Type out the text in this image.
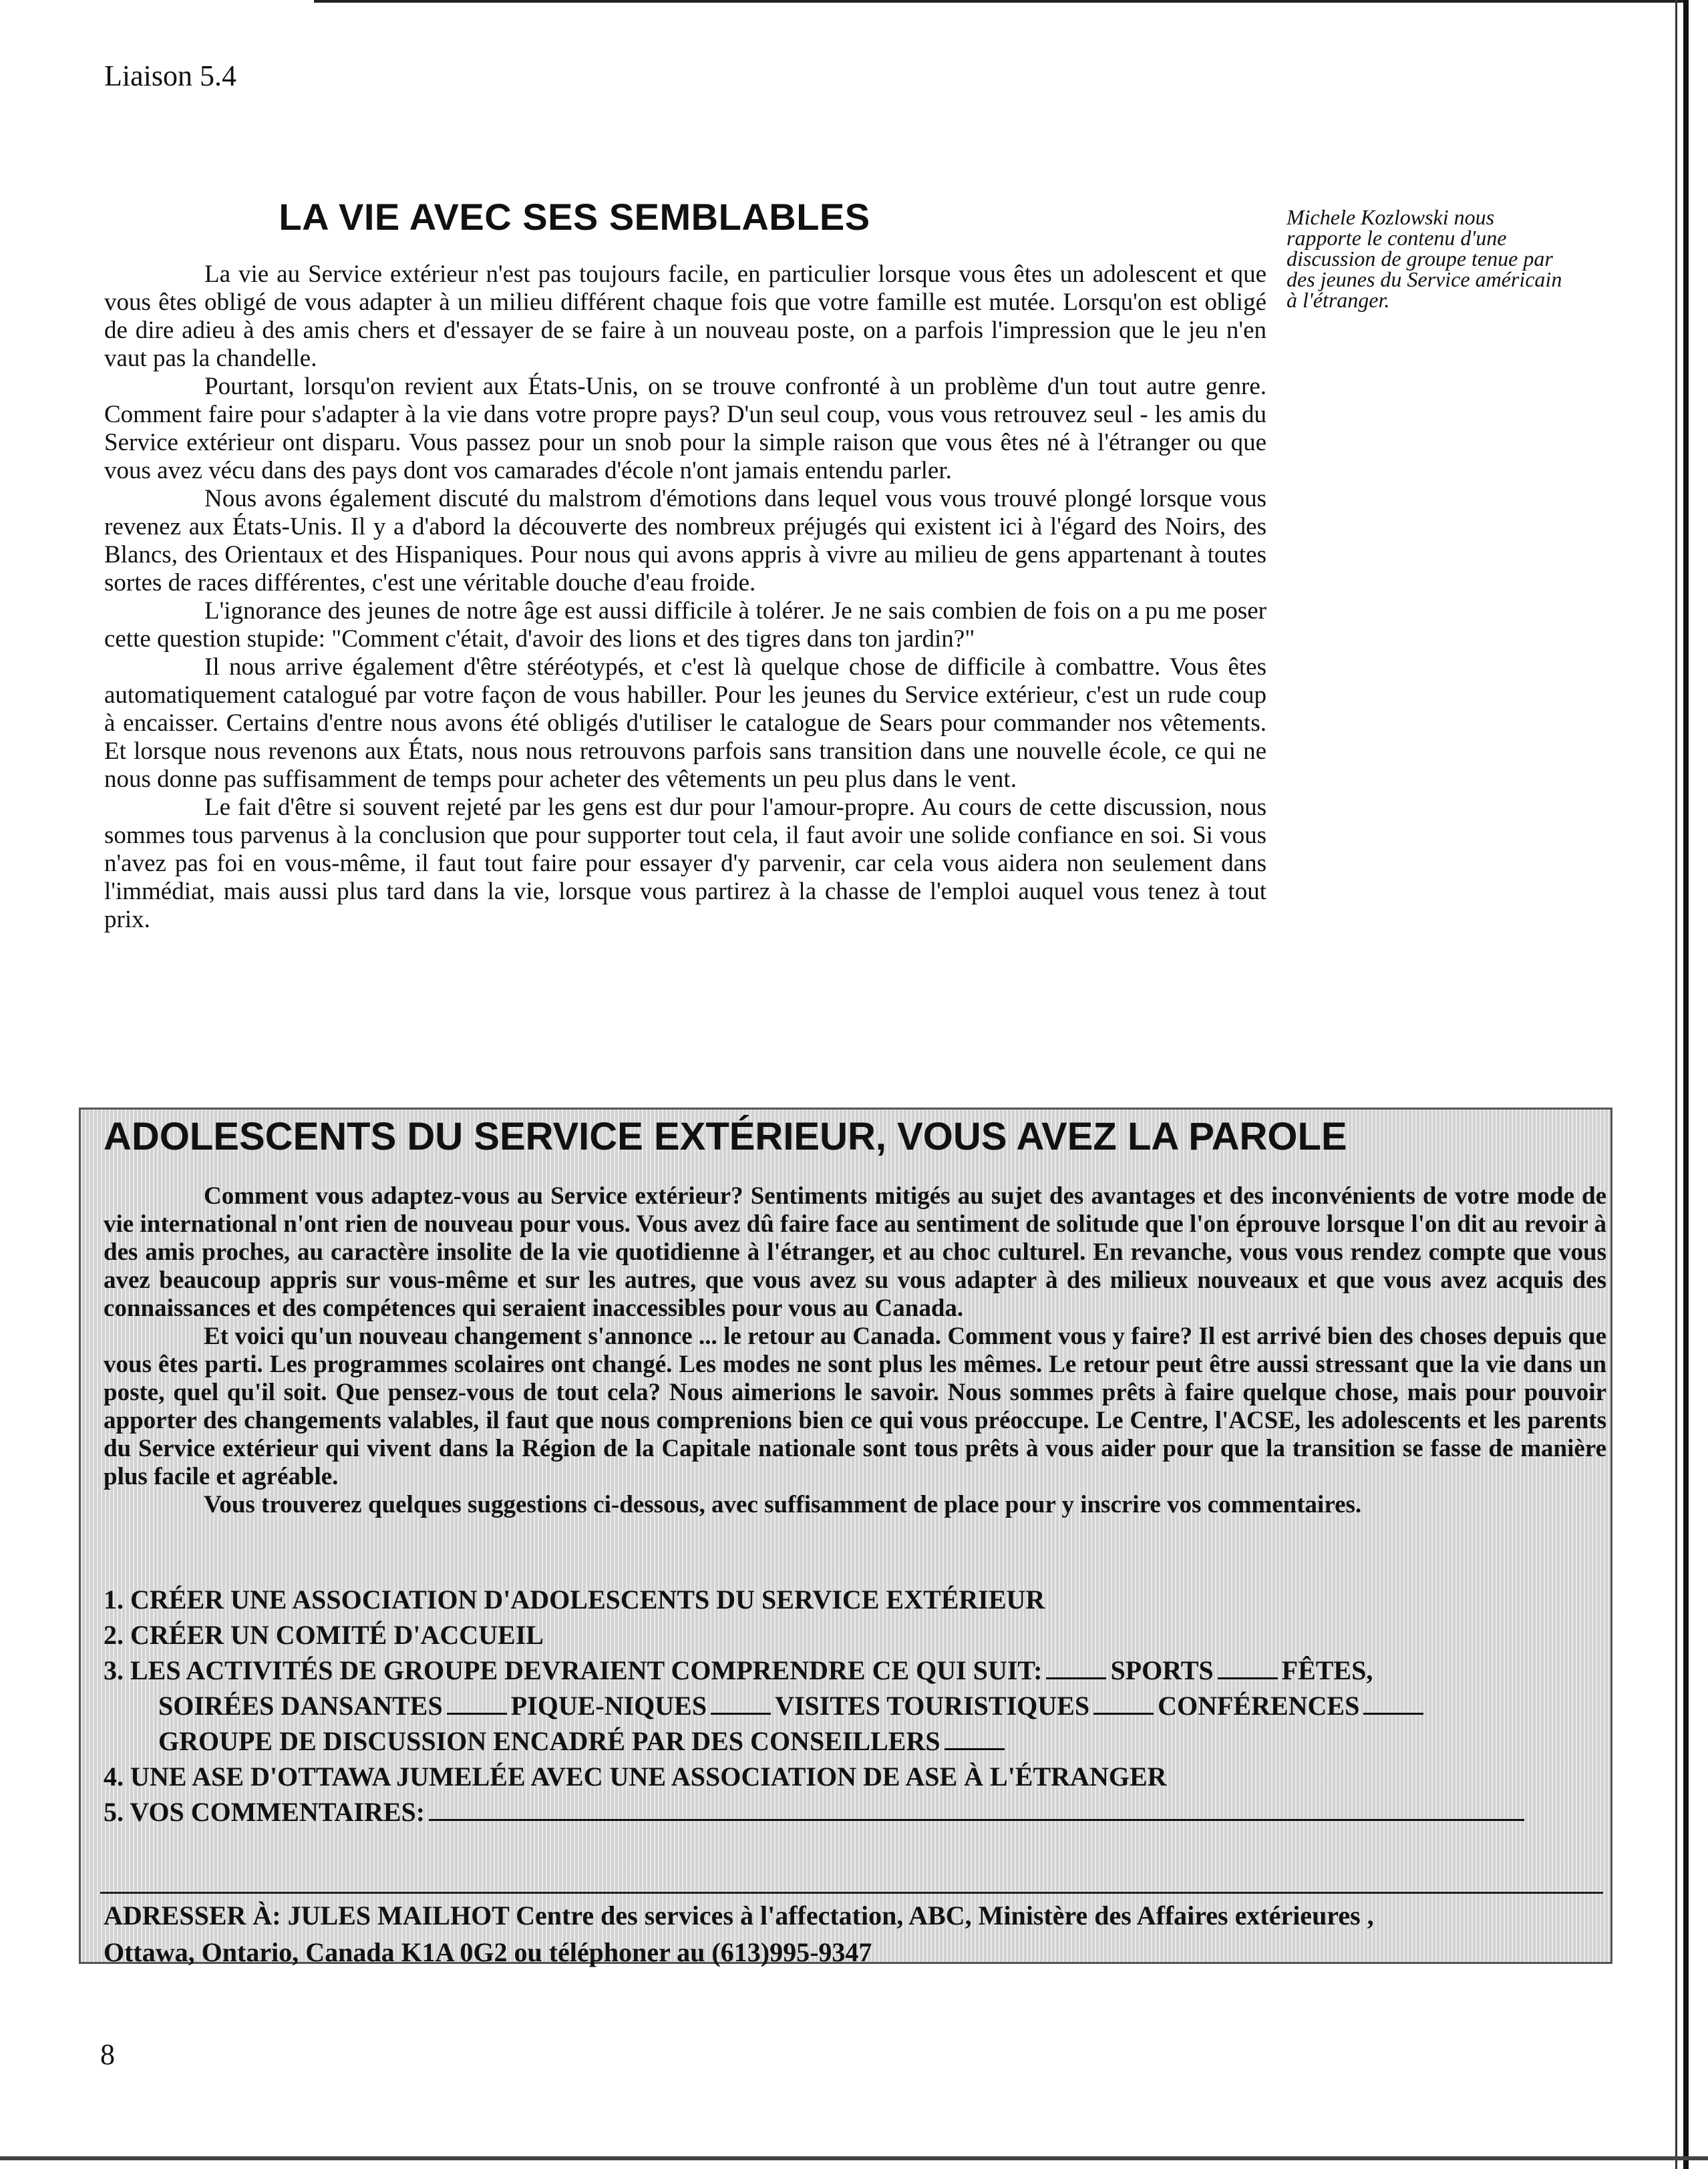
Liaison 5.4
LA VIE AVEC SES SEMBLABLES	Michele Kozlowski nous rapporte le contenu d'une discussion de groupe tenue par des jeunes du Service américain à l'étranger.

La vie au Service extérieur n'est pas toujours facile, en particulier lorsque vous êtes un adolescent et que vous êtes obligé de vous adapter à un milieu différent chaque fois que votre famille est mutée. Lorsqu'on est obligé de dire adieu à des amis chers et d'essayer de se faire à un nouveau poste, on a parfois l'impression que le jeu n'en vaut pas la chandelle.

Pourtant, lorsqu'on revient aux États-Unis, on se trouve confronté à un problème d'un tout autre genre. Comment faire pour s'adapter à la vie dans votre propre pays? D'un seul coup, vous vous retrouvez seul - les amis du Service extérieur ont disparu. Vous passez pour un snob pour la simple raison que vous êtes né à l'étranger ou que vous avez vécu dans des pays dont vos camarades d'école n'ont jamais entendu parler.

Nous avons également discuté du malstrom d'émotions dans lequel vous vous trouvé plongé lorsque vous revenez aux États-Unis. Il y a d'abord la découverte des nombreux préjugés qui existent ici à l'égard des Noirs, des Blancs, des Orientaux et des Hispaniques. Pour nous qui avons appris à vivre au milieu de gens appartenant à toutes sortes de races différentes, c'est une véritable douche d'eau froide.

L'ignorance des jeunes de notre âge est aussi difficile à tolérer. Je ne sais combien de fois on a pu me poser cette question stupide: "Comment c'était, d'avoir des lions et des tigres dans ton jardin?"

Il nous arrive également d'être stéréotypés, et c'est là quelque chose de difficile à combattre. Vous êtes automatiquement catalogué par votre façon de vous habiller. Pour les jeunes du Service extérieur, c'est un rude coup à encaisser. Certains d'entre nous avons été obligés d'utiliser le catalogue de Sears pour commander nos vêtements. Et lorsque nous revenons aux États, nous nous retrouvons parfois sans transition dans une nouvelle école, ce qui ne nous donne pas suffisamment de temps pour acheter des vêtements un peu plus dans le vent.

Le fait d'être si souvent rejeté par les gens est dur pour l'amour-propre. Au cours de cette discussion, nous sommes tous parvenus à la conclusion que pour supporter tout cela, il faut avoir une solide confiance en soi. Si vous n'avez pas foi en vous-même, il faut tout faire pour essayer d'y parvenir, car cela vous aidera non seulement dans l'immédiat, mais aussi plus tard dans la vie, lorsque vous partirez à la chasse de l'emploi auquel vous tenez à tout prix.

ADOLESCENTS DU SERVICE EXTÉRIEUR, VOUS AVEZ LA PAROLE

Comment vous adaptez-vous au Service extérieur? Sentiments mitigés au sujet des avantages et des inconvénients de votre mode de vie international n'ont rien de nouveau pour vous. Vous avez dû faire face au sentiment de solitude que l'on éprouve lorsque l'on dit au revoir à des amis proches, au caractère insolite de la vie quotidienne à l'étranger, et au choc culturel. En revanche, vous vous rendez compte que vous avez beaucoup appris sur vous-même et sur les autres, que vous avez su vous adapter à des milieux nouveaux et que vous avez acquis des connaissances et des compétences qui seraient inaccessibles pour vous au Canada.

Et voici qu'un nouveau changement s'annonce ... le retour au Canada. Comment vous y faire? Il est arrivé bien des choses depuis que vous êtes parti. Les programmes scolaires ont changé. Les modes ne sont plus les mêmes. Le retour peut être aussi stressant que la vie dans un poste, quel qu'il soit. Que pensez-vous de tout cela? Nous aimerions le savoir. Nous sommes prêts à faire quelque chose, mais pour pouvoir apporter des changements valables, il faut que nous comprenions bien ce qui vous préoccupe. Le Centre, l'ACSE, les adolescents et les parents du Service extérieur qui vivent dans la Région de la Capitale nationale sont tous prêts à vous aider pour que la transition se fasse de manière plus facile et agréable.

Vous trouverez quelques suggestions ci-dessous, avec suffisamment de place pour y inscrire vos commentaires.

1. CRÉER UNE ASSOCIATION D'ADOLESCENTS DU SERVICE EXTÉRIEUR
2. CRÉER UN COMITÉ D'ACCUEIL
3. LES ACTIVITÉS DE GROUPE DEVRAIENT COMPRENDRE CE QUI SUIT:	SPORTS	FÊTES,
SOIRÉES DANSANTES	PIQUE-NIQUES	VISITES TOURISTIQUES	CONFÉRENCES
GROUPE DE DISCUSSION ENCADRÉ PAR DES CONSEILLERS
4. UNE ASE D'OTTAWA JUMELÉE AVEC UNE ASSOCIATION DE ASE À L'ÉTRANGER
5. VOS COMMENTAIRES:
ADRESSER À: JULES MAILHOT Centre des services à l'affectation, ABC, Ministère des Affaires extérieures ,
Ottawa, Ontario, Canada K1A 0G2 ou téléphoner au (613)995-9347
8
